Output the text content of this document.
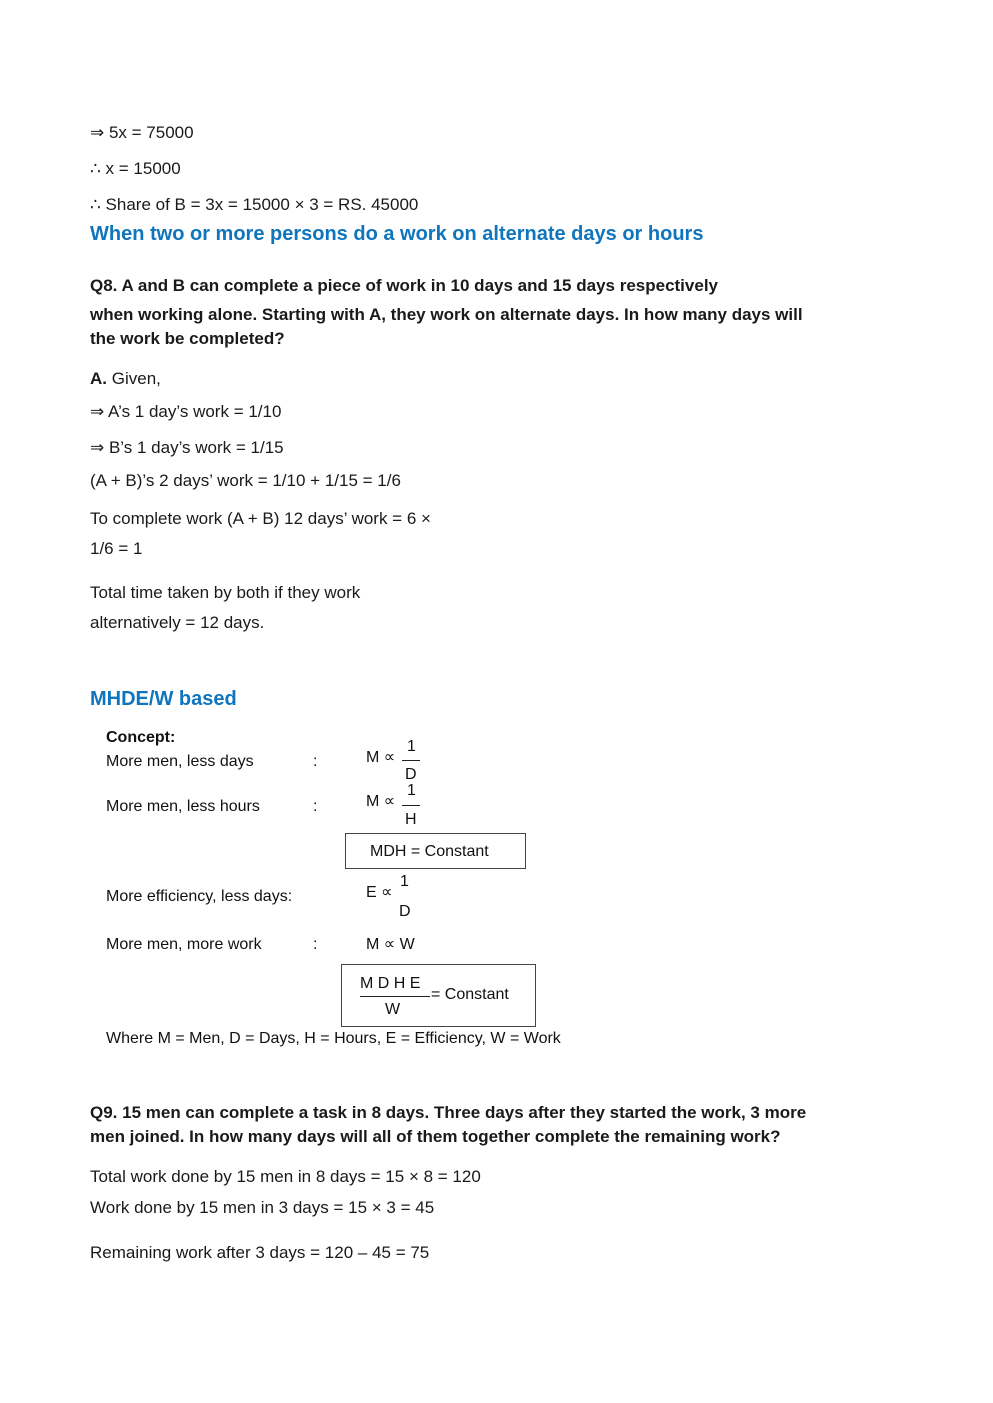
⇒ 5x = 75000
∴ x = 15000
∴ Share of B = 3x = 15000 × 3 = RS. 45000
When two or more persons do a work on alternate days or hours
Q8. A and B can complete a piece of work in 10 days and 15 days respectively
when working alone. Starting with A, they work on alternate days. In how many days will
the work be completed?
A. Given,
⇒ A’s 1 day’s work = 1/10
⇒ B’s 1 day’s work = 1/15
(A + B)’s 2 days’ work = 1/10 + 1/15 = 1/6
To complete work (A + B) 12 days’ work = 6 ×
1/6 = 1
Total time taken by both if they work
alternatively = 12 days.
MHDE/W based
Concept:
More men, less days	:	M ∝
1
D
More men, less hours	:	M ∝
1
H
MDH = Constant
More efficiency, less days:	E ∝
1
D
More men, more work	:	M ∝ W
M D H E
W
= Constant
Where M = Men, D = Days, H = Hours, E = Efficiency, W = Work
Q9. 15 men can complete a task in 8 days. Three days after they started the work, 3 more
men joined. In how many days will all of them together complete the remaining work?
Total work done by 15 men in 8 days = 15 × 8 = 120
Work done by 15 men in 3 days = 15 × 3 = 45
Remaining work after 3 days = 120 – 45 = 75
